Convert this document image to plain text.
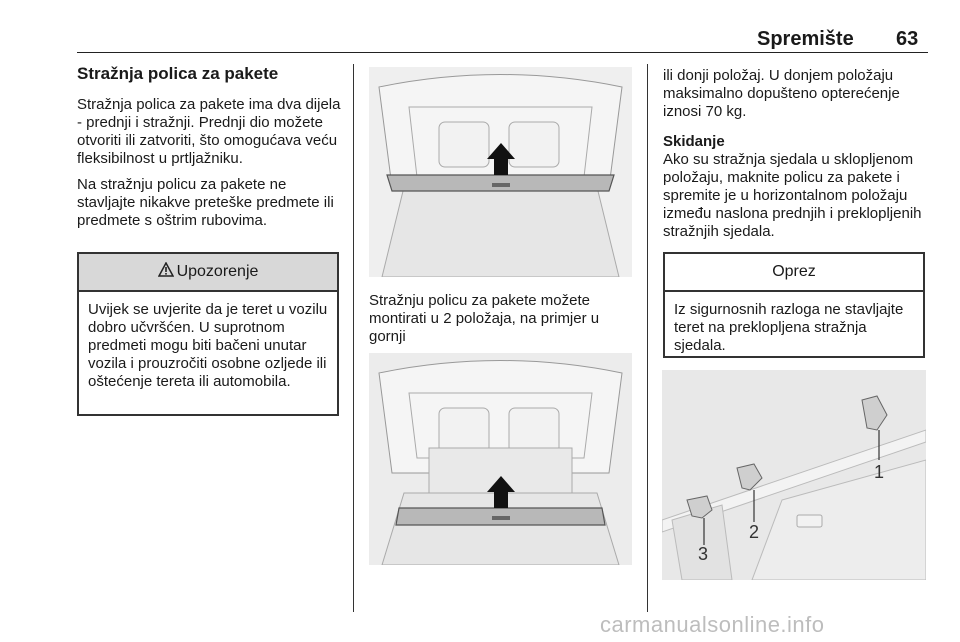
Spremište 63
Stražnja polica za pakete

Stražnja polica za pakete ima dva dijela - prednji i stražnji. Prednji dio možete otvoriti ili zatvoriti, što omogućava veću fleksibilnost u prtljažniku.

Na stražnju policu za pakete ne stavljajte nikakve preteške predmete ili predmete s oštrim rubovima.

Upozorenje
Uvijek se uvjerite da je teret u vozilu dobro učvršćen. U suprotnom predmeti mogu biti bačeni unutar vozila i prouzročiti osobne ozljede ili oštećenje tereta ili automobila.
Stražnju policu za pakete možete montirati u 2 položaja, na primjer u gornji

ili donji položaj. U donjem položaju maksimalno dopušteno opterećenje iznosi 70 kg.

Skidanje
Ako su stražnja sjedala u sklopljenom položaju, maknite policu za pakete i spremite je u horizontalnom položaju između naslona prednjih i preklopljenih stražnjih sjedala.

Oprez
Iz sigurnosnih razloga ne stavljajte teret na preklopljena stražnja sjedala.
1
2
3
carmanualsonline.info
